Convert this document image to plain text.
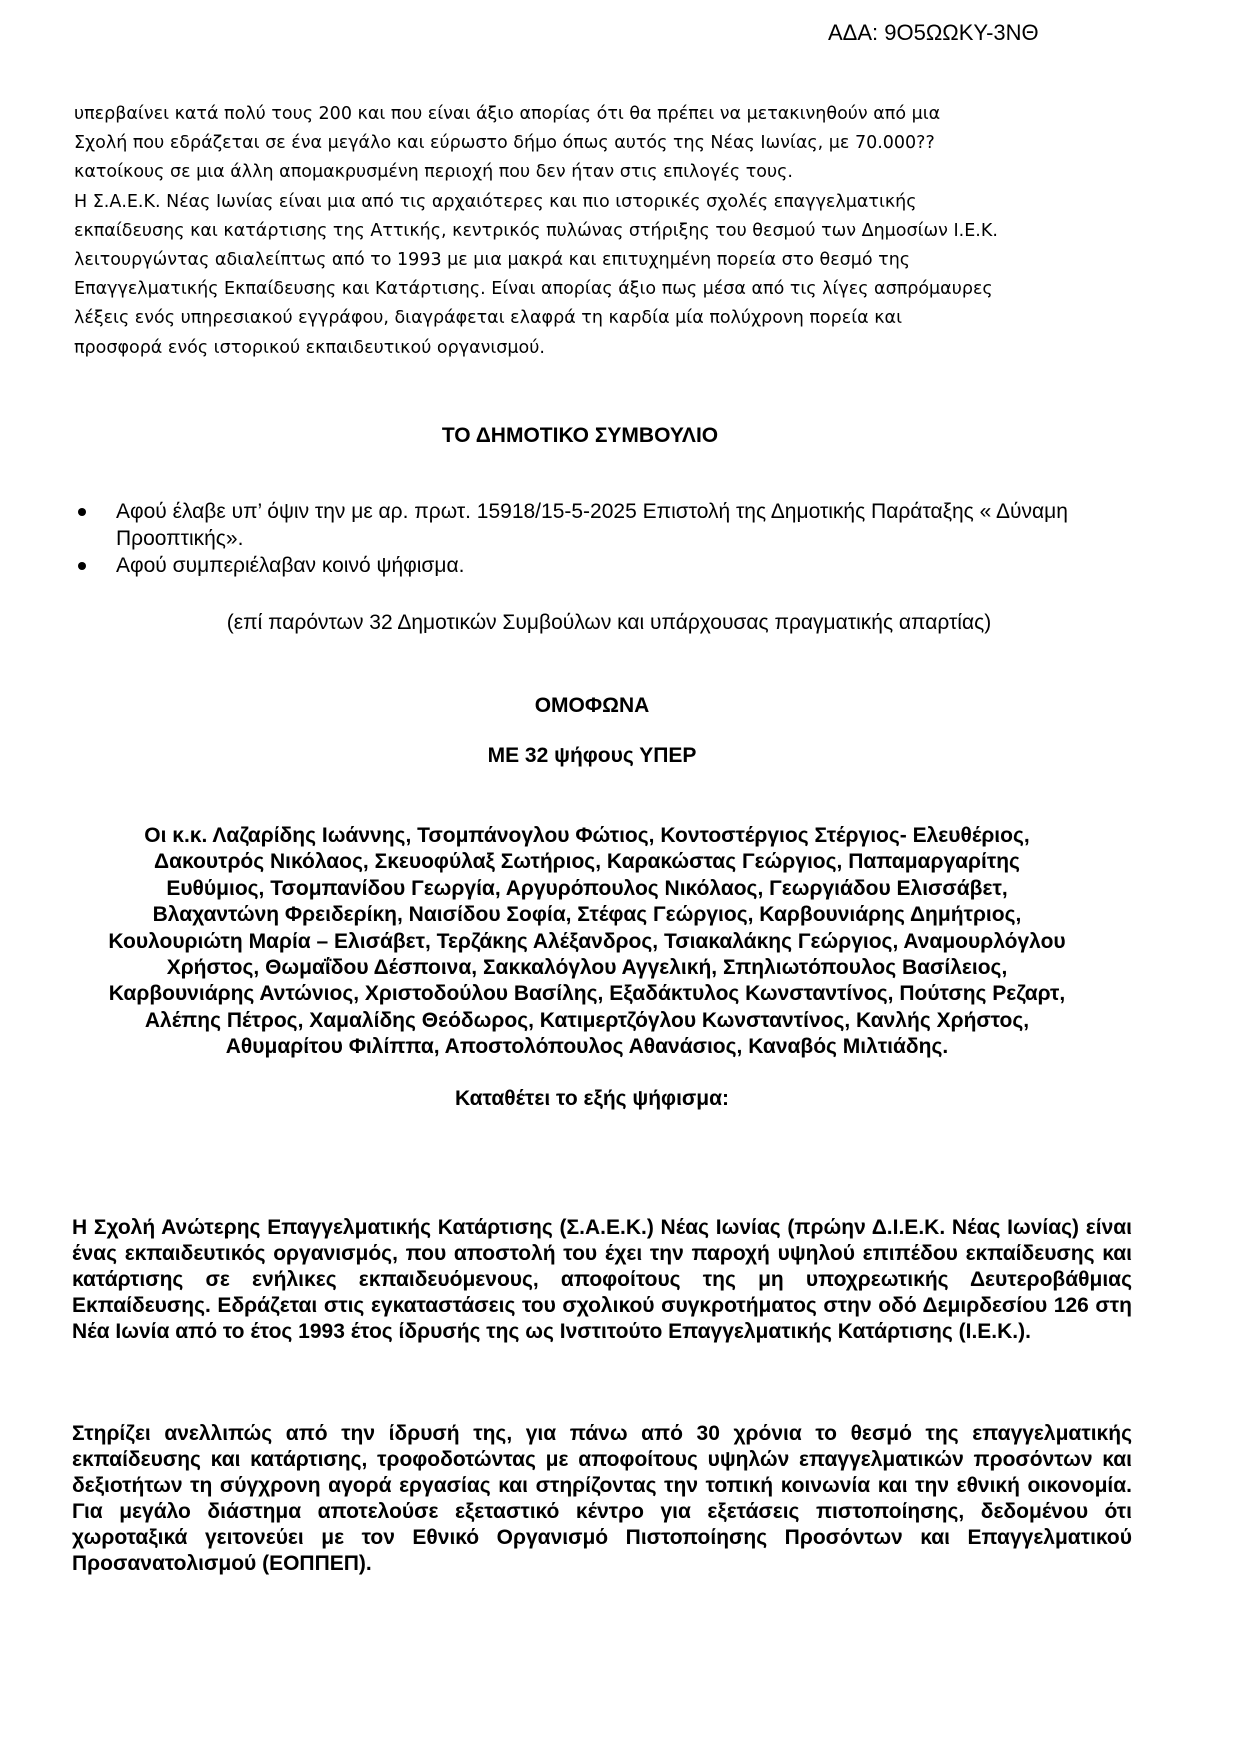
ΑΔΑ: 9Ο5ΩΩΚΥ-3ΝΘ

υπερβαίνει κατά πολύ τους 200 και που είναι άξιο απορίας ότι θα πρέπει να μετακινηθούν από μια

Σχολή που εδράζεται σε ένα μεγάλο και εύρωστο δήμο όπως αυτός της Νέας Ιωνίας, με 70.000??

κατοίκους σε μια άλλη απομακρυσμένη περιοχή που δεν ήταν στις επιλογές τους.

Η Σ.Α.Ε.Κ. Νέας Ιωνίας είναι μια από τις αρχαιότερες και πιο ιστορικές σχολές επαγγελματικής

εκπαίδευσης και κατάρτισης της Αττικής, κεντρικός πυλώνας στήριξης του θεσμού των Δημοσίων Ι.Ε.Κ.

λειτουργώντας αδιαλείπτως από το 1993 με μια μακρά και επιτυχημένη πορεία στο θεσμό της

Επαγγελματικής Εκπαίδευσης και Κατάρτισης. Είναι απορίας άξιο πως μέσα από τις λίγες ασπρόμαυρες

λέξεις ενός υπηρεσιακού εγγράφου, διαγράφεται ελαφρά τη καρδία μία πολύχρονη πορεία και

προσφορά ενός ιστορικού εκπαιδευτικού οργανισμού.

ΤΟ ΔΗΜΟΤΙΚΟ ΣΥΜΒΟΥΛΙΟ
Αφού έλαβε υπ’ όψιν την με αρ. πρωτ. 15918/15-5-2025 Επιστολή της Δημοτικής Παράταξης « Δύναμη Προοπτικής».
Αφού συμπεριέλαβαν κοινό ψήφισμα.
(επί παρόντων 32 Δημοτικών Συμβούλων και υπάρχουσας πραγματικής απαρτίας)
ΟΜΟΦΩΝΑ
ΜΕ 32 ψήφους ΥΠΕΡ
Οι κ.κ. Λαζαρίδης Ιωάννης, Τσομπάνογλου Φώτιος, Κοντοστέργιος Στέργιος- Ελευθέριος,
Δακουτρός Νικόλαος, Σκευοφύλαξ Σωτήριος, Καρακώστας Γεώργιος, Παπαμαργαρίτης
Ευθύμιος, Τσομπανίδου Γεωργία, Αργυρόπουλος Νικόλαος, Γεωργιάδου Ελισσάβετ,
Βλαχαντώνη Φρειδερίκη, Ναισίδου Σοφία, Στέφας Γεώργιος, Καρβουνιάρης Δημήτριος,
Κουλουριώτη Μαρία – Ελισάβετ, Τερζάκης Αλέξανδρος, Τσιακαλάκης Γεώργιος, Αναμουρλόγλου
Χρήστος, Θωμαΐδου Δέσποινα, Σακκαλόγλου Αγγελική, Σπηλιωτόπουλος Βασίλειος,
Καρβουνιάρης Αντώνιος, Χριστοδούλου Βασίλης, Εξαδάκτυλος Κωνσταντίνος, Πούτσης Ρεζαρτ,
Αλέπης Πέτρος, Χαμαλίδης Θεόδωρος, Κατιμερτζόγλου Κωνσταντίνος, Κανλής Χρήστος,
Αθυμαρίτου Φιλίππα, Αποστολόπουλος Αθανάσιος, Καναβός Μιλτιάδης.
Καταθέτει το εξής ψήφισμα:

Η Σχολή Ανώτερης Επαγγελματικής Κατάρτισης (Σ.Α.Ε.Κ.) Νέας Ιωνίας (πρώην Δ.Ι.Ε.Κ. Νέας Ιωνίας) είναι ένας εκπαιδευτικός οργανισμός, που αποστολή του έχει την παροχή υψηλού επιπέδου εκπαίδευσης και κατάρτισης σε ενήλικες εκπαιδευόμενους, αποφοίτους της μη υποχρεωτικής Δευτεροβάθμιας Εκπαίδευσης. Εδράζεται στις εγκαταστάσεις του σχολικού συγκροτήματος στην οδό Δεμιρδεσίου 126 στη Νέα Ιωνία από το έτος 1993 έτος ίδρυσής της ως Ινστιτούτο Επαγγελματικής Κατάρτισης (Ι.Ε.Κ.).

Στηρίζει ανελλιπώς από την ίδρυσή της, για πάνω από 30 χρόνια το θεσμό της επαγγελματικής εκπαίδευσης και κατάρτισης, τροφοδοτώντας με αποφοίτους υψηλών επαγγελματικών προσόντων και δεξιοτήτων τη σύγχρονη αγορά εργασίας και στηρίζοντας την τοπική κοινωνία και την εθνική οικονομία. Για μεγάλο διάστημα αποτελούσε εξεταστικό κέντρο για εξετάσεις πιστοποίησης, δεδομένου ότι χωροταξικά γειτονεύει με τον Εθνικό Οργανισμό Πιστοποίησης Προσόντων και Επαγγελματικού Προσανατολισμού (ΕΟΠΠΕΠ).
